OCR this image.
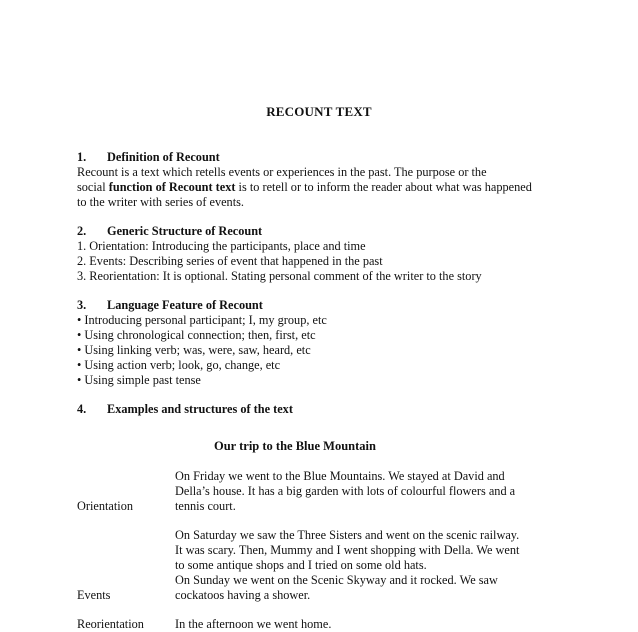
RECOUNT TEXT
1. Definition of Recount
Recount is a text which retells events or experiences in the past. The purpose or the
social function of Recount text is to retell or to inform the reader about what was happened
to the writer with series of events.
2. Generic Structure of Recount
1. Orientation: Introducing the participants, place and time
2. Events: Describing series of event that happened in the past
3. Reorientation: It is optional. Stating personal comment of the writer to the story
3. Language Feature of Recount
• Introducing personal participant; I, my group, etc
• Using chronological connection; then, first, etc
• Using linking verb; was, were, saw, heard, etc
• Using action verb; look, go, change, etc
• Using simple past tense
4. Examples and structures of the text
Our trip to the Blue Mountain
On Friday we went to the Blue Mountains. We stayed at David and
Della’s house. It has a big garden with lots of colourful flowers and a
tennis court.
Orientation
On Saturday we saw the Three Sisters and went on the scenic railway.
It was scary. Then, Mummy and I went shopping with Della. We went
to some antique shops and I tried on some old hats.
On Sunday we went on the Scenic Skyway and it rocked. We saw
cockatoos having a shower.
Events
Reorientation	In the afternoon we went home.
